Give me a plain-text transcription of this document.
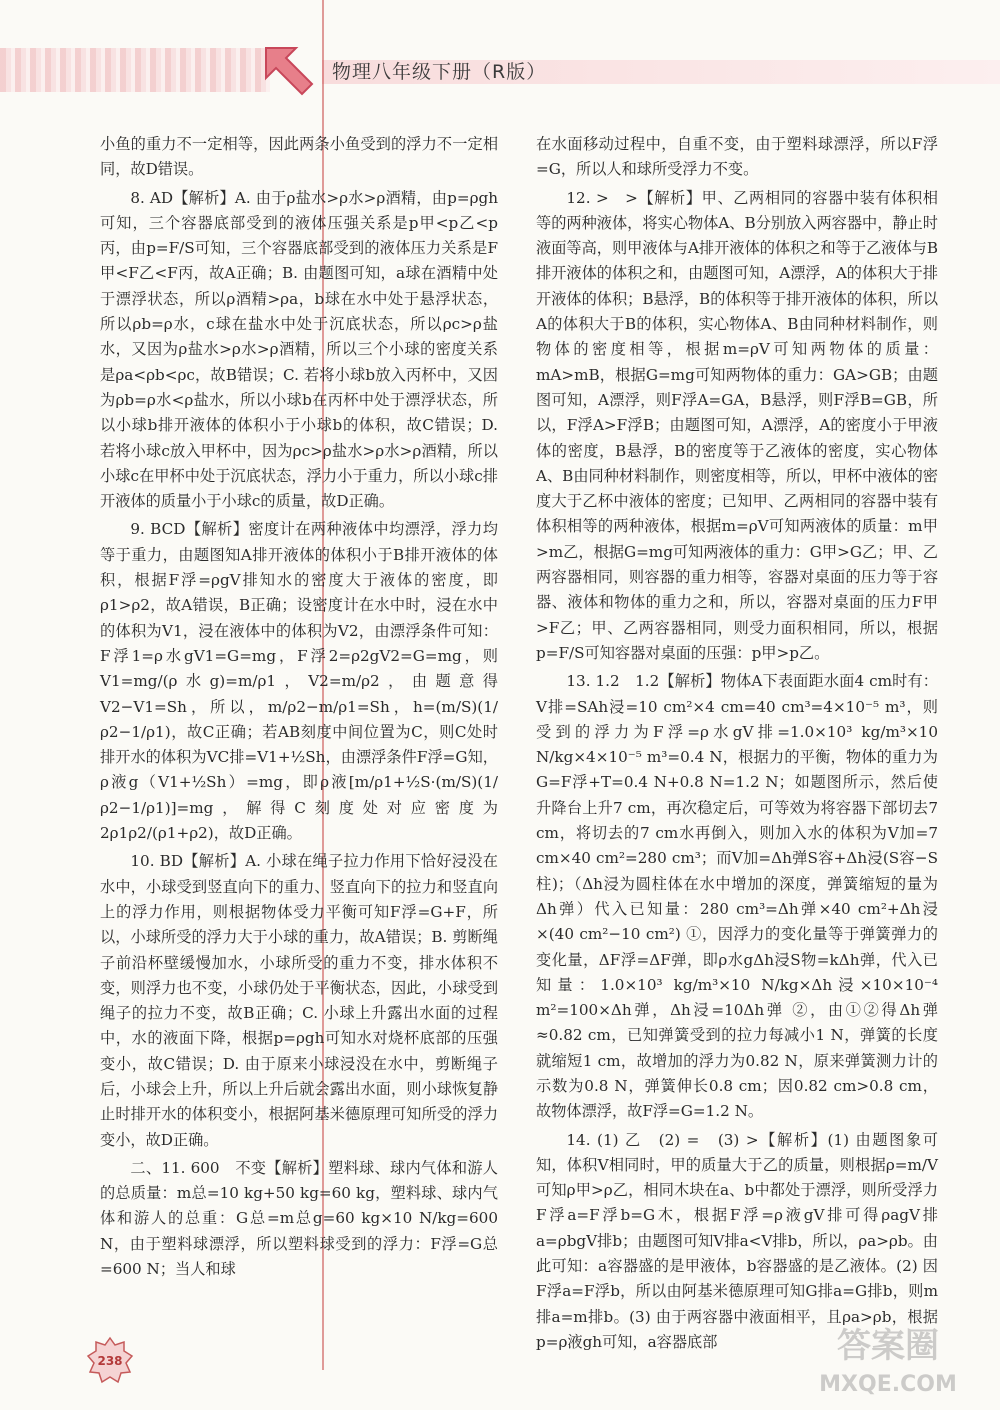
物理八年级下册（R版）

小鱼的重力不一定相等，因此两条小鱼受到的浮力不一定相同，故D错误。

8. AD【解析】A. 由于ρ盐水>ρ水>ρ酒精，由p=ρgh可知，三个容器底部受到的液体压强关系是p甲<p乙<p丙，由p=F/S可知，三个容器底部受到的液体压力关系是F甲<F乙<F丙，故A正确；B. 由题图可知，a球在酒精中处于漂浮状态，所以ρ酒精>ρa，b球在水中处于悬浮状态，所以ρb=ρ水，c球在盐水中处于沉底状态，所以ρc>ρ盐水，又因为ρ盐水>ρ水>ρ酒精，所以三个小球的密度关系是ρa<ρb<ρc，故B错误；C. 若将小球b放入丙杯中，又因为ρb=ρ水<ρ盐水，所以小球b在丙杯中处于漂浮状态，所以小球b排开液体的体积小于小球b的体积，故C错误；D. 若将小球c放入甲杯中，因为ρc>ρ盐水>ρ水>ρ酒精，所以小球c在甲杯中处于沉底状态，浮力小于重力，所以小球c排开液体的质量小于小球c的质量，故D正确。

9. BCD【解析】密度计在两种液体中均漂浮，浮力均等于重力，由题图知A排开液体的体积小于B排开液体的体积，根据F浮=ρgV排知水的密度大于液体的密度，即ρ1>ρ2，故A错误，B正确；设密度计在水中时，浸在水中的体积为V1，浸在液体中的体积为V2，由漂浮条件可知：F浮1=ρ水gV1=G=mg，F浮2=ρ2gV2=G=mg，则V1=mg/(ρ水g)=m/ρ1，V2=m/ρ2，由题意得V2−V1=Sh，所以，m/ρ2−m/ρ1=Sh，h=(m/S)(1/ρ2−1/ρ1)，故C正确；若AB刻度中间位置为C，则C处时排开水的体积为VC排=V1+½Sh，由漂浮条件F浮=G知，ρ液g（V1+½Sh）=mg，即ρ液[m/ρ1+½S·(m/S)(1/ρ2−1/ρ1)]=mg，解得C刻度处对应密度为2ρ1ρ2/(ρ1+ρ2)，故D正确。

10. BD【解析】A. 小球在绳子拉力作用下恰好浸没在水中，小球受到竖直向下的重力、竖直向下的拉力和竖直向上的浮力作用，则根据物体受力平衡可知F浮=G+F，所以，小球所受的浮力大于小球的重力，故A错误；B. 剪断绳子前沿杯壁缓慢加水，小球所受的重力不变，排水体积不变，则浮力也不变，小球仍处于平衡状态，因此，小球受到绳子的拉力不变，故B正确；C. 小球上升露出水面的过程中，水的液面下降，根据p=ρgh可知水对烧杯底部的压强变小，故C错误；D. 由于原来小球浸没在水中，剪断绳子后，小球会上升，所以上升后就会露出水面，则小球恢复静止时排开水的体积变小，根据阿基米德原理可知所受的浮力变小，故D正确。

二、11. 600　不变【解析】塑料球、球内气体和游人的总质量：m总=10 kg+50 kg=60 kg，塑料球、球内气体和游人的总重：G总=m总g=60 kg×10 N/kg=600 N，由于塑料球漂浮，所以塑料球受到的浮力：F浮=G总=600 N；当人和球

在水面移动过程中，自重不变，由于塑料球漂浮，所以F浮=G，所以人和球所受浮力不变。

12. >　>【解析】甲、乙两相同的容器中装有体积相等的两种液体，将实心物体A、B分别放入两容器中，静止时液面等高，则甲液体与A排开液体的体积之和等于乙液体与B排开液体的体积之和，由题图可知，A漂浮，A的体积大于排开液体的体积；B悬浮，B的体积等于排开液体的体积，所以A的体积大于B的体积，实心物体A、B由同种材料制作，则物体的密度相等，根据m=ρV可知两物体的质量：mA>mB，根据G=mg可知两物体的重力：GA>GB；由题图可知，A漂浮，则F浮A=GA，B悬浮，则F浮B=GB，所以，F浮A>F浮B；由题图可知，A漂浮，A的密度小于甲液体的密度，B悬浮，B的密度等于乙液体的密度，实心物体A、B由同种材料制作，则密度相等，所以，甲杯中液体的密度大于乙杯中液体的密度；已知甲、乙两相同的容器中装有体积相等的两种液体，根据m=ρV可知两液体的质量：m甲>m乙，根据G=mg可知两液体的重力：G甲>G乙；甲、乙两容器相同，则容器的重力相等，容器对桌面的压力等于容器、液体和物体的重力之和，所以，容器对桌面的压力F甲>F乙；甲、乙两容器相同，则受力面积相同，所以，根据p=F/S可知容器对桌面的压强：p甲>p乙。

13. 1.2　1.2【解析】物体A下表面距水面4 cm时有：V排=SAh浸=10 cm²×4 cm=40 cm³=4×10⁻⁵ m³，则受到的浮力为F浮=ρ水gV排=1.0×10³ kg/m³×10 N/kg×4×10⁻⁵ m³=0.4 N，根据力的平衡，物体的重力为G=F浮+T=0.4 N+0.8 N=1.2 N；如题图所示，然后使升降台上升7 cm，再次稳定后，可等效为将容器下部切去7 cm，将切去的7 cm水再倒入，则加入水的体积为V加=7 cm×40 cm²=280 cm³；而V加=Δh弹S容+Δh浸(S容−S柱)；（Δh浸为圆柱体在水中增加的深度，弹簧缩短的量为Δh弹）代入已知量：280 cm³=Δh弹×40 cm²+Δh浸×(40 cm²−10 cm²) ①，因浮力的变化量等于弹簧弹力的变化量，ΔF浮=ΔF弹，即ρ水gΔh浸S物=kΔh弹，代入已知量：1.0×10³ kg/m³×10 N/kg×Δh浸×10×10⁻⁴ m²=100×Δh弹，Δh浸=10Δh弹 ②，由①②得Δh弹≈0.82 cm，已知弹簧受到的拉力每减小1 N，弹簧的长度就缩短1 cm，故增加的浮力为0.82 N，原来弹簧测力计的示数为0.8 N，弹簧伸长0.8 cm；因0.82 cm>0.8 cm，故物体漂浮，故F浮=G=1.2 N。

14. (1) 乙　(2) =　(3) >【解析】(1) 由题图象可知，体积V相同时，甲的质量大于乙的质量，则根据ρ=m/V可知ρ甲>ρ乙，相同木块在a、b中都处于漂浮，则所受浮力F浮a=F浮b=G木，根据F浮=ρ液gV排可得ρagV排a=ρbgV排b；由题图可知V排a<V排b，所以，ρa>ρb。由此可知：a容器盛的是甲液体，b容器盛的是乙液体。(2) 因F浮a=F浮b，所以由阿基米德原理可知G排a=G排b，则m排a=m排b。(3) 由于两容器中液面相平，且ρa>ρb，根据p=ρ液gh可知，a容器底部

238	答案圈
MXQE.COM
